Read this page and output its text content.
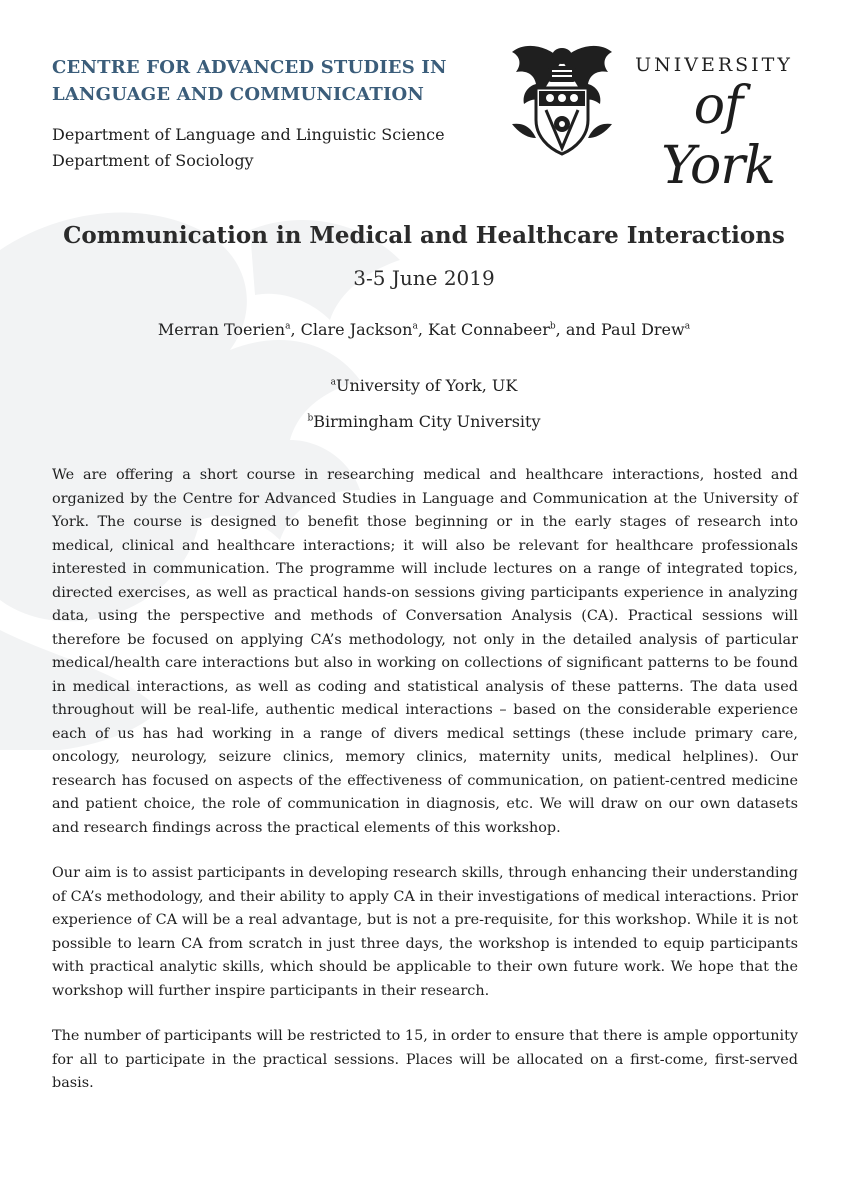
CENTRE FOR ADVANCED STUDIES IN
LANGUAGE AND COMMUNICATION
Department of Language and Linguistic Science
Department of Sociology
UNIVERSITY
of York
Communication in Medical and Healthcare Interactions
3-5 June 2019
Merran Toerien$^a$, Clare Jackson$^a$, Kat Connabeer$^b$, and Paul Drew$^a$
$^a$University of York, UK
$^b$Birmingham City University

We are offering a short course in researching medical and healthcare interactions, hosted and organized by the Centre for Advanced Studies in Language and Communication at the University of York. The course is designed to benefit those beginning or in the early stages of research into medical, clinical and healthcare interactions; it will also be relevant for healthcare professionals interested in communication. The programme will include lectures on a range of integrated topics, directed exercises, as well as practical hands-on sessions giving participants experience in analyzing data, using the perspective and methods of Conversation Analysis (CA). Practical sessions will therefore be focused on applying CA’s methodology, not only in the detailed analysis of particular medical/health care interactions but also in working on collections of significant patterns to be found in medical interactions, as well as coding and statistical analysis of these patterns. The data used throughout will be real-life, authentic medical interactions – based on the considerable experience each of us has had working in a range of divers medical settings (these include primary care, oncology, neurology, seizure clinics, memory clinics, maternity units, medical helplines). Our research has focused on aspects of the effectiveness of communication, on patient-centred medicine and patient choice, the role of communication in diagnosis, etc. We will draw on our own datasets and research findings across the practical elements of this workshop.

Our aim is to assist participants in developing research skills, through enhancing their understanding of CA’s methodology, and their ability to apply CA in their investigations of medical interactions. Prior experience of CA will be a real advantage, but is not a pre-requisite, for this workshop. While it is not possible to learn CA from scratch in just three days, the workshop is intended to equip participants with practical analytic skills, which should be applicable to their own future work. We hope that the workshop will further inspire participants in their research.

The number of participants will be restricted to 15, in order to ensure that there is ample opportunity for all to participate in the practical sessions. Places will be allocated on a first-come, first-served basis.
